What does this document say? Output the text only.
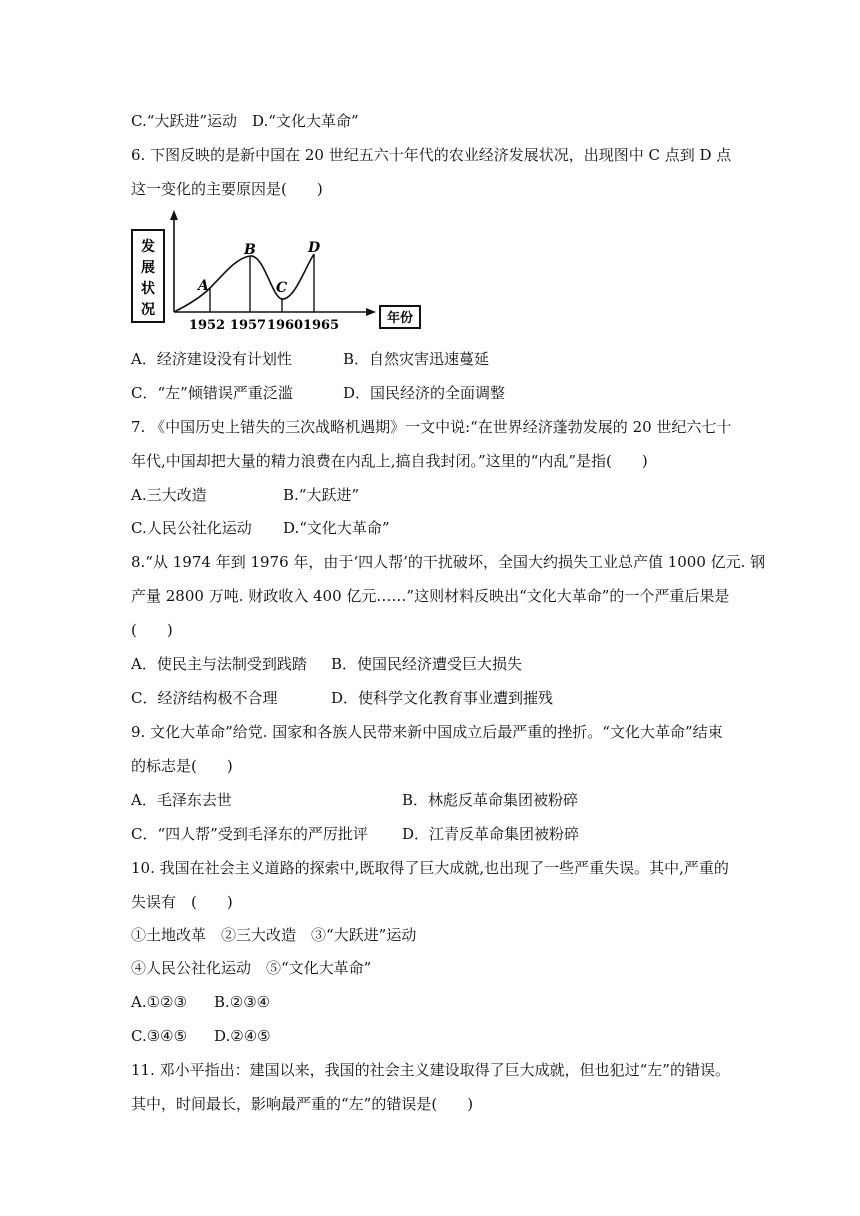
C.“大跃进”运动　D.“文化大革命”
6. 下图反映的是新中国在 20 世纪五六十年代的农业经济发展状况，出现图中 C 点到 D 点
这一变化的主要原因是(　　)
发
展
状
况
年份
A
B
C
D
1952 1957 1960 1965
A．经济建设没有计划性	B．自然灾害迅速蔓延
C．“左”倾错误严重泛滥	D．国民经济的全面调整
7. 《中国历史上错失的三次战略机遇期》一文中说:“在世界经济蓬勃发展的 20 世纪六七十
年代,中国却把大量的精力浪费在内乱上,搞自我封闭。”这里的“内乱”是指(　　)
A.三大改造	B.“大跃进”
C.人民公社化运动 D.“文化大革命”
8.“从 1974 年到 1976 年，由于‘四人帮’的干扰破坏，全国大约损失工业总产值 1000 亿元. 钢
产量 2800 万吨. 财政收入 400 亿元……”这则材料反映出“文化大革命”的一个严重后果是
(　　)
A．使民主与法制受到践踏 B．使国民经济遭受巨大损失
C．经济结构极不合理	D．使科学文化教育事业遭到摧残
9. 文化大革命”给党. 国家和各族人民带来新中国成立后最严重的挫折。“文化大革命”结束
的标志是(　　)
A．毛泽东去世	B．林彪反革命集团被粉碎
C．“四人帮”受到毛泽东的严厉批评 D．江青反革命集团被粉碎
10. 我国在社会主义道路的探索中,既取得了巨大成就,也出现了一些严重失误。其中,严重的
失误有　(　　)
①土地改革　②三大改造　③“大跃进”运动
④人民公社化运动　⑤“文化大革命”
A.①②③ B.②③④
C.③④⑤ D.②④⑤
11. 邓小平指出：建国以来，我国的社会主义建设取得了巨大成就，但也犯过“左”的错误。
其中，时间最长，影响最严重的“左”的错误是(　　)
